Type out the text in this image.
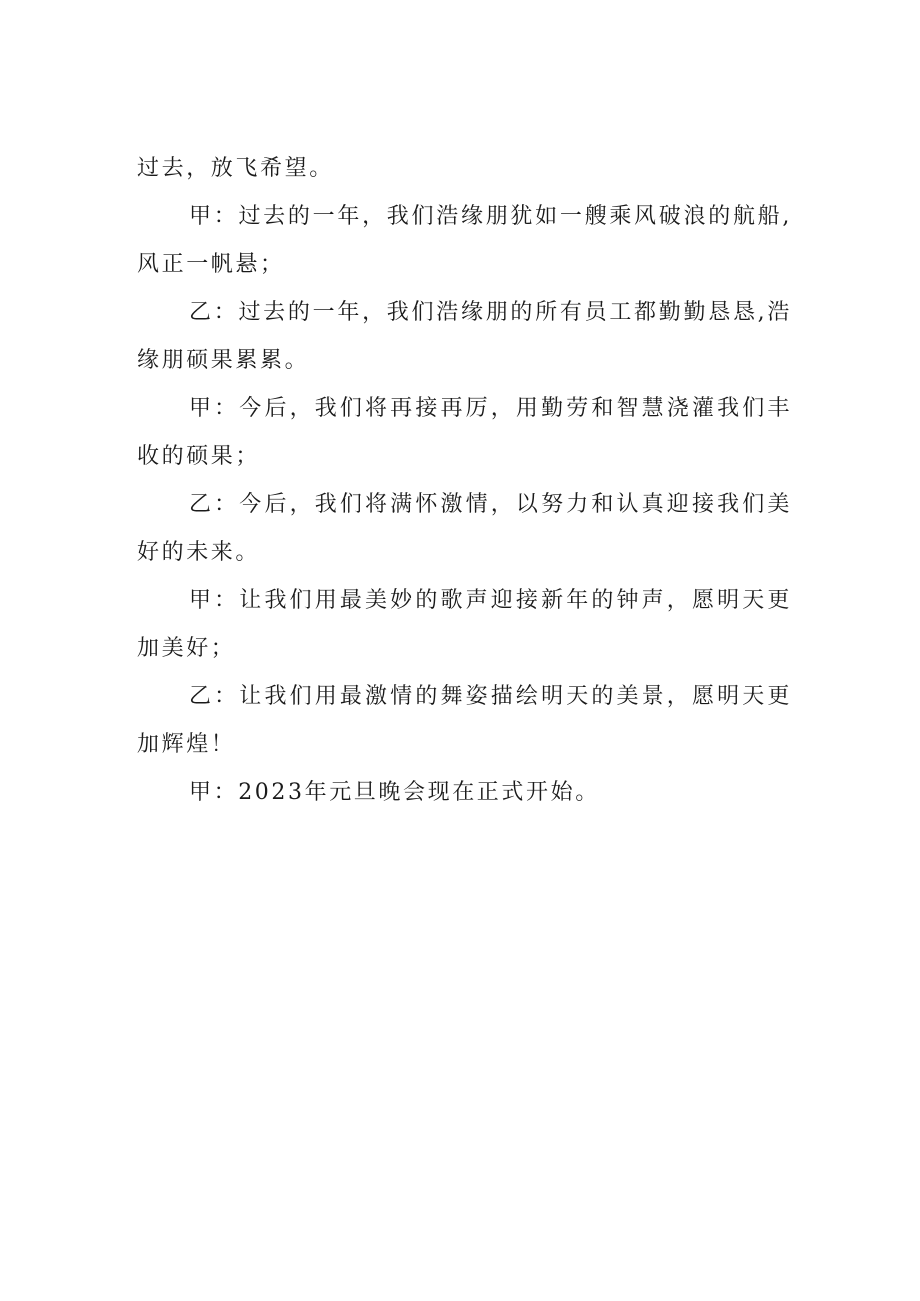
过去，放飞希望。

甲：过去的一年，我们浩缘朋犹如一艘乘风破浪的航船,风正一帆悬；

乙：过去的一年，我们浩缘朋的所有员工都勤勤恳恳,浩缘朋硕果累累。

甲：今后，我们将再接再厉，用勤劳和智慧浇灌我们丰收的硕果；

乙：今后，我们将满怀激情，以努力和认真迎接我们美好的未来。

甲：让我们用最美妙的歌声迎接新年的钟声，愿明天更加美好；

乙：让我们用最激情的舞姿描绘明天的美景，愿明天更加辉煌！

甲：2023年元旦晚会现在正式开始。
